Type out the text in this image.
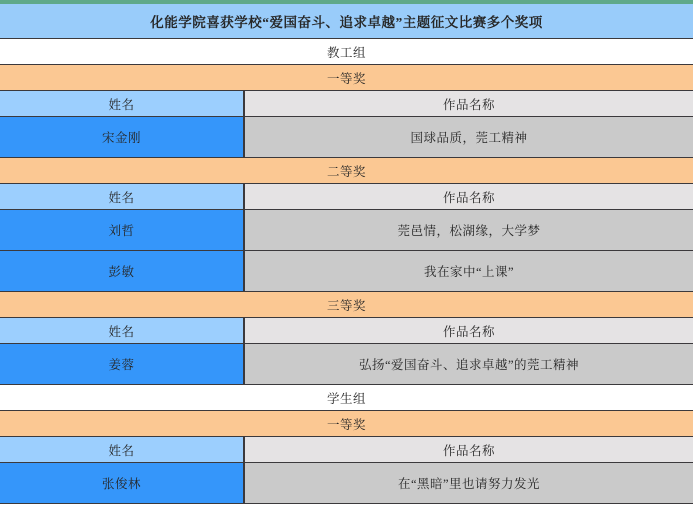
化能学院喜获学校“爱国奋斗、追求卓越”主题征文比赛多个奖项
教工组
一等奖
姓名	作品名称
宋金刚	国球品质，莞工精神
二等奖
姓名	作品名称
刘哲	莞邑情，松湖缘，大学梦
彭敏	我在家中“上课”
三等奖
姓名	作品名称
姜蓉	弘扬“爱国奋斗、追求卓越”的莞工精神
学生组
一等奖
姓名	作品名称
张俊林	在“黑暗”里也请努力发光
